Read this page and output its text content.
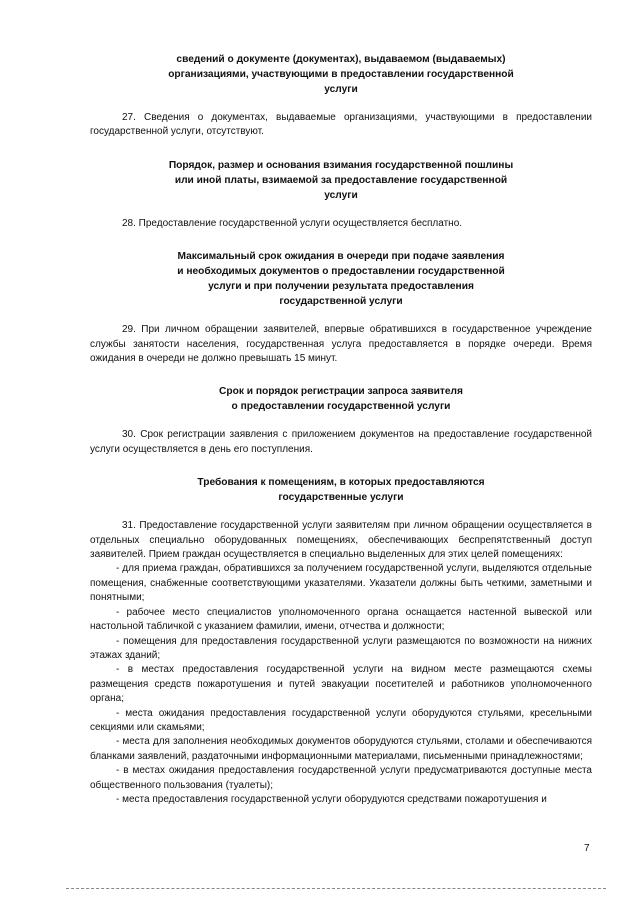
сведений о документе (документах), выдаваемом (выдаваемых)
организациями, участвующими в предоставлении государственной
услуги

27. Сведения о документах, выдаваемые организациями, участвующими в предоставлении государственной услуги, отсутствуют.

Порядок, размер и основания взимания государственной пошлины
или иной платы, взимаемой за предоставление государственной
услуги

28. Предоставление государственной услуги осуществляется бесплатно.

Максимальный срок ожидания в очереди при подаче заявления
и необходимых документов о предоставлении государственной
услуги и при получении результата предоставления
государственной услуги

29. При личном обращении заявителей, впервые обратившихся в государственное учреждение службы занятости населения, государственная услуга предоставляется в порядке очереди. Время ожидания в очереди не должно превышать 15 минут.

Срок и порядок регистрации запроса заявителя
о предоставлении государственной услуги

30. Срок регистрации заявления с приложением документов на предоставление государственной услуги осуществляется в день его поступления.

Требования к помещениям, в которых предоставляются
государственные услуги

31. Предоставление государственной услуги заявителям при личном обращении осуществляется в отдельных специально оборудованных помещениях, обеспечивающих беспрепятственный доступ заявителей. Прием граждан осуществляется в специально выделенных для этих целей помещениях:

- для приема граждан, обратившихся за получением государственной услуги, выделяются отдельные помещения, снабженные соответствующими указателями. Указатели должны быть четкими, заметными и понятными;

- рабочее место специалистов уполномоченного органа оснащается настенной вывеской или настольной табличкой с указанием фамилии, имени, отчества и должности;

- помещения для предоставления государственной услуги размещаются по возможности на нижних этажах зданий;

- в местах предоставления государственной услуги на видном месте размещаются схемы размещения средств пожаротушения и путей эвакуации посетителей и работников уполномоченного органа;

- места ожидания предоставления государственной услуги оборудуются стульями, кресельными секциями или скамьями;

- места для заполнения необходимых документов оборудуются стульями, столами и обеспечиваются бланками заявлений, раздаточными информационными материалами, письменными принадлежностями;

- в местах ожидания предоставления государственной услуги предусматриваются доступные места общественного пользования (туалеты);

- места предоставления государственной услуги оборудуются средствами пожаротушения и

7
